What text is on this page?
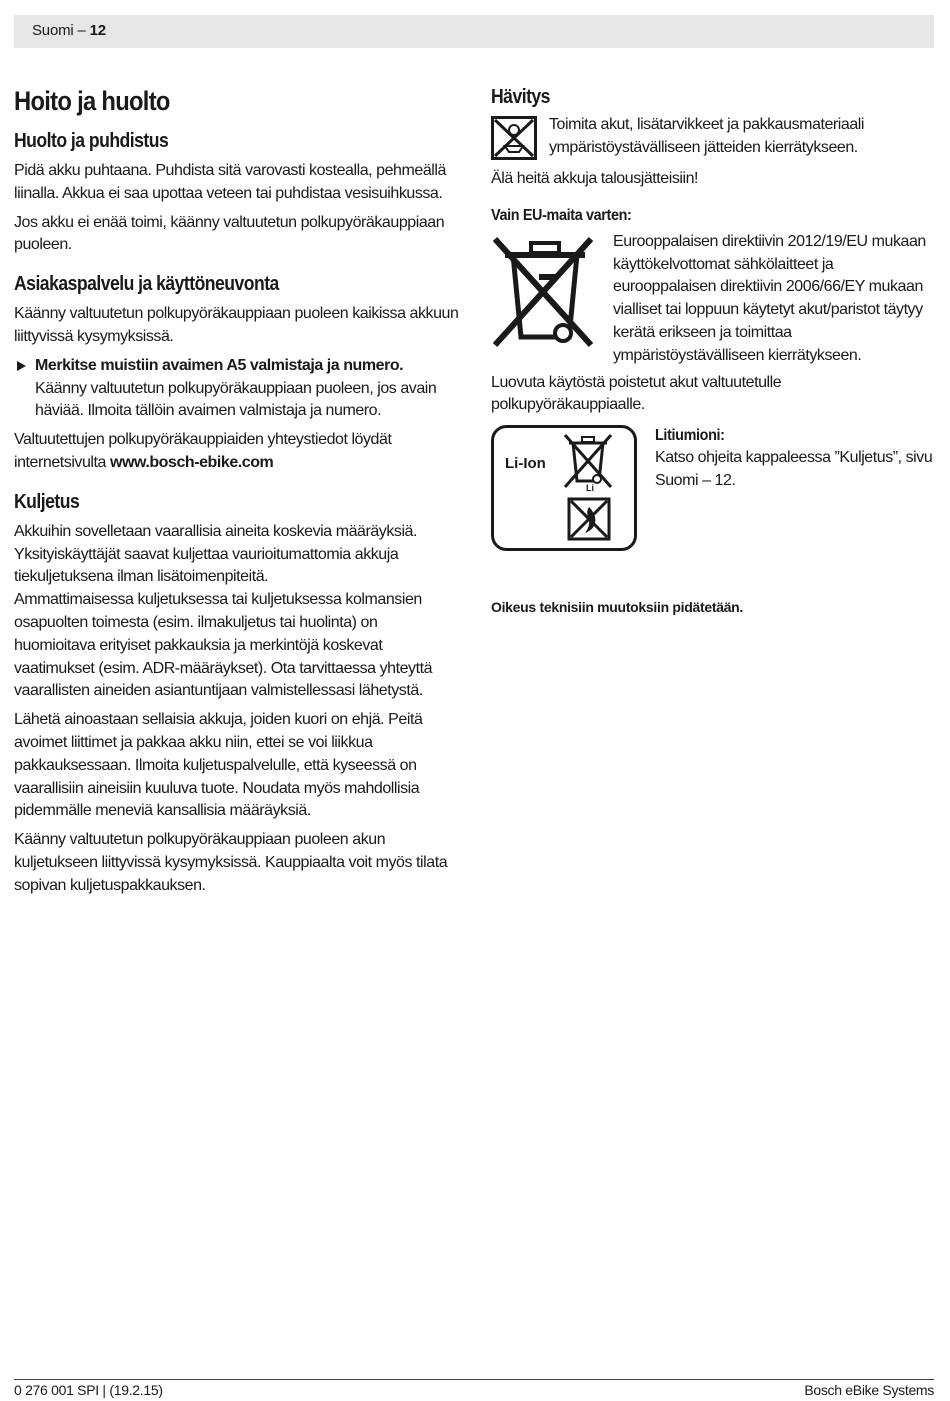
Suomi – 12
Hoito ja huolto
Huolto ja puhdistus

Pidä akku puhtaana. Puhdista sitä varovasti kostealla, pehmeällä liinalla. Akkua ei saa upottaa veteen tai puhdistaa vesisuihkussa.

Jos akku ei enää toimi, käänny valtuutetun polkupyöräkauppiaan puoleen.

Asiakaspalvelu ja käyttöneuvonta

Käänny valtuutetun polkupyöräkauppiaan puoleen kaikissa akkuun liittyvissä kysymyksissä.

Merkitse muistiin avaimen A5 valmistaja ja numero.
Käänny valtuutetun polkupyöräkauppiaan puoleen, jos avain häviää. Ilmoita tällöin avaimen valmistaja ja numero.

Valtuutettujen polkupyöräkauppiaiden yhteystiedot löydät internetsivulta www.bosch-ebike.com

Kuljetus

Akkuihin sovelletaan vaarallisia aineita koskevia määräyksiä. Yksityiskäyttäjät saavat kuljettaa vaurioitumattomia akkuja tiekuljetuksena ilman lisätoimenpiteitä.

Ammattimaisessa kuljetuksessa tai kuljetuksessa kolmansien osapuolten toimesta (esim. ilmakuljetus tai huolinta) on huomioitava erityiset pakkauksia ja merkintöjä koskevat vaatimukset (esim. ADR-määräykset). Ota tarvittaessa yhteyttä vaarallisten aineiden asiantuntijaan valmistellessasi lähetystä.

Lähetä ainoastaan sellaisia akkuja, joiden kuori on ehjä. Peitä avoimet liittimet ja pakkaa akku niin, ettei se voi liikkua pakkauksessaan. Ilmoita kuljetuspalvelulle, että kyseessä on vaarallisiin aineisiin kuuluva tuote. Noudata myös mahdollisia pidemmälle meneviä kansallisia määräyksiä.

Käänny valtuutetun polkupyöräkauppiaan puoleen akun kuljetukseen liittyvissä kysymyksissä. Kauppiaalta voit myös tilata sopivan kuljetuspakkauksen.

Hävitys

Toimita akut, lisätarvikkeet ja pakkausmateriaali ympäristöystävälliseen jätteiden kierrätykseen.

Älä heitä akkuja talousjätteisiin!

Vain EU-maita varten:

Eurooppalaisen direktiivin 2012/19/EU mukaan käyttökelvottomat sähkölaitteet ja eurooppalaisen direktiivin 2006/66/EY mukaan vialliset tai loppuun käytetyt akut/paristot täytyy kerätä erikseen ja toimittaa ympäristöystävälliseen kierrätykseen.

Luovuta käytöstä poistetut akut valtuutetulle polkupyöräkauppiaalle.

Li-Ion
Li
Litiumioni:

Katso ohjeita kappaleessa ”Kuljetus”, sivu Suomi – 12.

Oikeus teknisiin muutoksiin pidätetään.
0 276 001 SPI | (19.2.15)	Bosch eBike Systems
